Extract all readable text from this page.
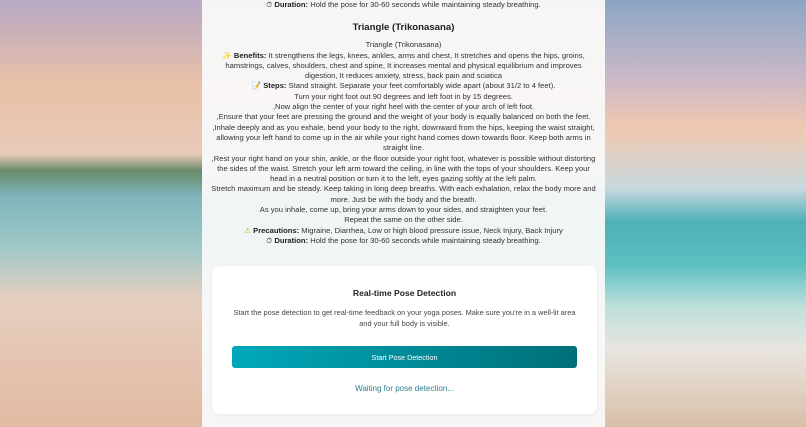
⏱ Duration: Hold the pose for 30-60 seconds while maintaining steady breathing.
Triangle (Trikonasana)
Triangle (Trikonasana)
✨ Benefits: It strengthens the legs, knees, ankles, arms and chest, It stretches and opens the hips, groins, hamstrings, calves, shoulders, chest and spine, It increases mental and physical equilibrium and improves digestion, It reduces anxiety, stress, back pain and sciatica
📝 Steps: Stand straight. Separate your feet comfortably wide apart (about 31/2 to 4 feet).
Turn your right foot out 90 degrees and left foot in by 15 degrees.
,Now align the center of your right heel with the center of your arch of left foot.
,Ensure that your feet are pressing the ground and the weight of your body is equally balanced on both the feet.
,Inhale deeply and as you exhale, bend your body to the right, downward from the hips, keeping the waist straight, allowing your left hand to come up in the air while your right hand comes down towards floor. Keep both arms in straight line.
,Rest your right hand on your shin, ankle, or the floor outside your right foot, whatever is possible without distorting the sides of the waist. Stretch your left arm toward the ceiling, in line with the tops of your shoulders. Keep your head in a neutral position or turn it to the left, eyes gazing softly at the left palm.
Stretch maximum and be steady. Keep taking in long deep breaths. With each exhalation, relax the body more and more. Just be with the body and the breath.
As you inhale, come up, bring your arms down to your sides, and straighten your feet.
Repeat the same on the other side.
⚠ Precautions: Migraine, Diarrhea, Low or high blood pressure issue, Neck Injury, Back Injury
⏱ Duration: Hold the pose for 30-60 seconds while maintaining steady breathing.
Real-time Pose Detection

Start the pose detection to get real-time feedback on your yoga poses. Make sure you're in a well-lit area and your full body is visible.

Start Pose Detection
Waiting for pose detection...
